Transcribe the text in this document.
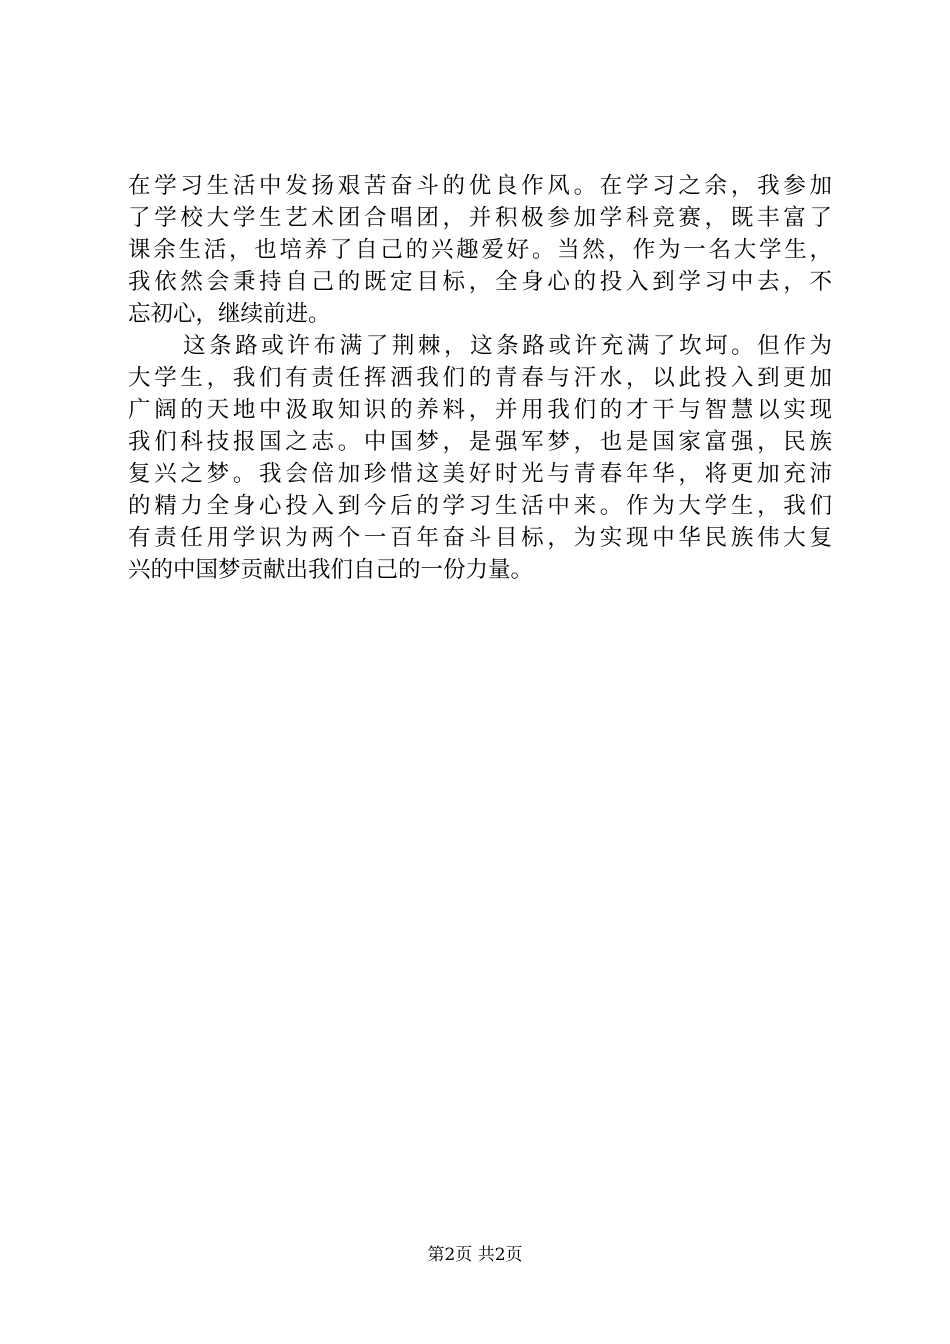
在学习生活中发扬艰苦奋斗的优良作风。在学习之余，我参加
了学校大学生艺术团合唱团，并积极参加学科竞赛，既丰富了
课余生活，也培养了自己的兴趣爱好。当然，作为一名大学生，
我依然会秉持自己的既定目标，全身心的投入到学习中去，不
忘初心，继续前进。
这条路或许布满了荆棘，这条路或许充满了坎坷。但作为
大学生，我们有责任挥洒我们的青春与汗水，以此投入到更加
广阔的天地中汲取知识的养料，并用我们的才干与智慧以实现
我们科技报国之志。中国梦，是强军梦，也是国家富强，民族
复兴之梦。我会倍加珍惜这美好时光与青春年华，将更加充沛
的精力全身心投入到今后的学习生活中来。作为大学生，我们
有责任用学识为两个一百年奋斗目标，为实现中华民族伟大复
兴的中国梦贡献出我们自己的一份力量。
第2页 共2页
